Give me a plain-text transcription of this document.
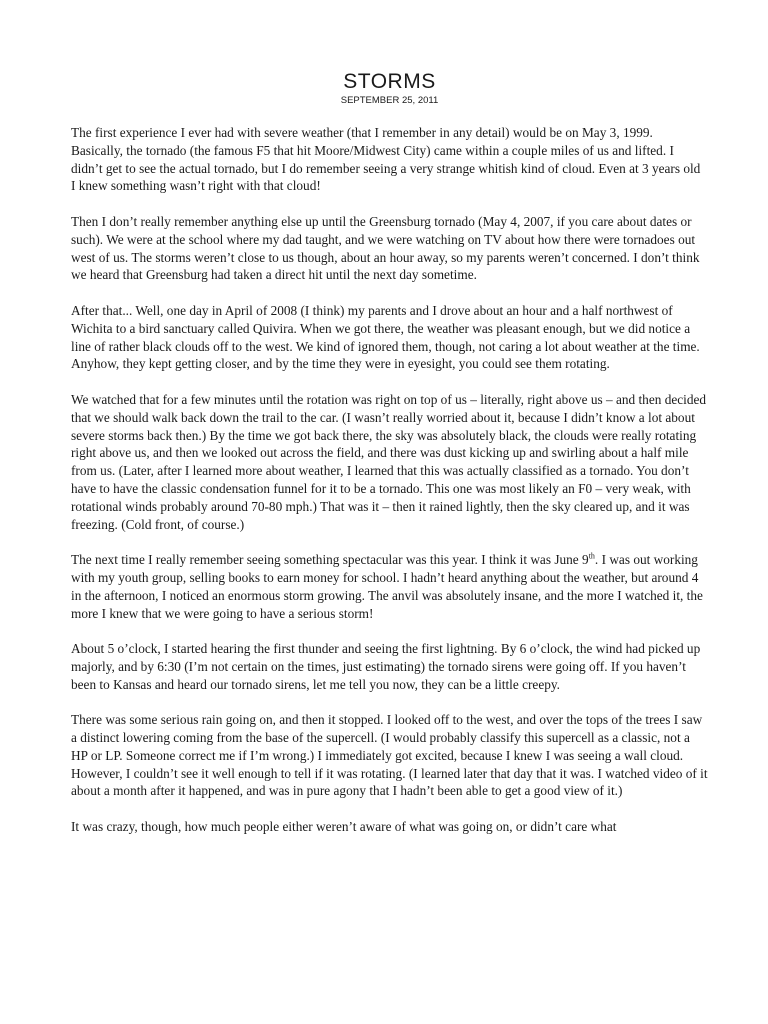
STORMS
SEPTEMBER 25, 2011

The first experience I ever had with severe weather (that I remember in any detail) would be on May 3, 1999. Basically, the tornado (the famous F5 that hit Moore/Midwest City) came within a couple miles of us and lifted. I didn’t get to see the actual tornado, but I do remember seeing a very strange whitish kind of cloud. Even at 3 years old I knew something wasn’t right with that cloud!

Then I don’t really remember anything else up until the Greensburg tornado (May 4, 2007, if you care about dates or such). We were at the school where my dad taught, and we were watching on TV about how there were tornadoes out west of us. The storms weren’t close to us though, about an hour away, so my parents weren’t concerned. I don’t think we heard that Greensburg had taken a direct hit until the next day sometime.

After that... Well, one day in April of 2008 (I think) my parents and I drove about an hour and a half northwest of Wichita to a bird sanctuary called Quivira. When we got there, the weather was pleasant enough, but we did notice a line of rather black clouds off to the west. We kind of ignored them, though, not caring a lot about weather at the time. Anyhow, they kept getting closer, and by the time they were in eyesight, you could see them rotating.

We watched that for a few minutes until the rotation was right on top of us – literally, right above us – and then decided that we should walk back down the trail to the car. (I wasn’t really worried about it, because I didn’t know a lot about severe storms back then.) By the time we got back there, the sky was absolutely black, the clouds were really rotating right above us, and then we looked out across the field, and there was dust kicking up and swirling about a half mile from us. (Later, after I learned more about weather, I learned that this was actually classified as a tornado. You don’t have to have the classic condensation funnel for it to be a tornado. This one was most likely an F0 – very weak, with rotational winds probably around 70-80 mph.) That was it – then it rained lightly, then the sky cleared up, and it was freezing. (Cold front, of course.)

The next time I really remember seeing something spectacular was this year. I think it was June 9th. I was out working with my youth group, selling books to earn money for school. I hadn’t heard anything about the weather, but around 4 in the afternoon, I noticed an enormous storm growing. The anvil was absolutely insane, and the more I watched it, the more I knew that we were going to have a serious storm!

About 5 o’clock, I started hearing the first thunder and seeing the first lightning. By 6 o’clock, the wind had picked up majorly, and by 6:30 (I’m not certain on the times, just estimating) the tornado sirens were going off. If you haven’t been to Kansas and heard our tornado sirens, let me tell you now, they can be a little creepy.

There was some serious rain going on, and then it stopped. I looked off to the west, and over the tops of the trees I saw a distinct lowering coming from the base of the supercell. (I would probably classify this supercell as a classic, not a HP or LP. Someone correct me if I’m wrong.) I immediately got excited, because I knew I was seeing a wall cloud. However, I couldn’t see it well enough to tell if it was rotating. (I learned later that day that it was. I watched video of it about a month after it happened, and was in pure agony that I hadn’t been able to get a good view of it.)

It was crazy, though, how much people either weren’t aware of what was going on, or didn’t care what
